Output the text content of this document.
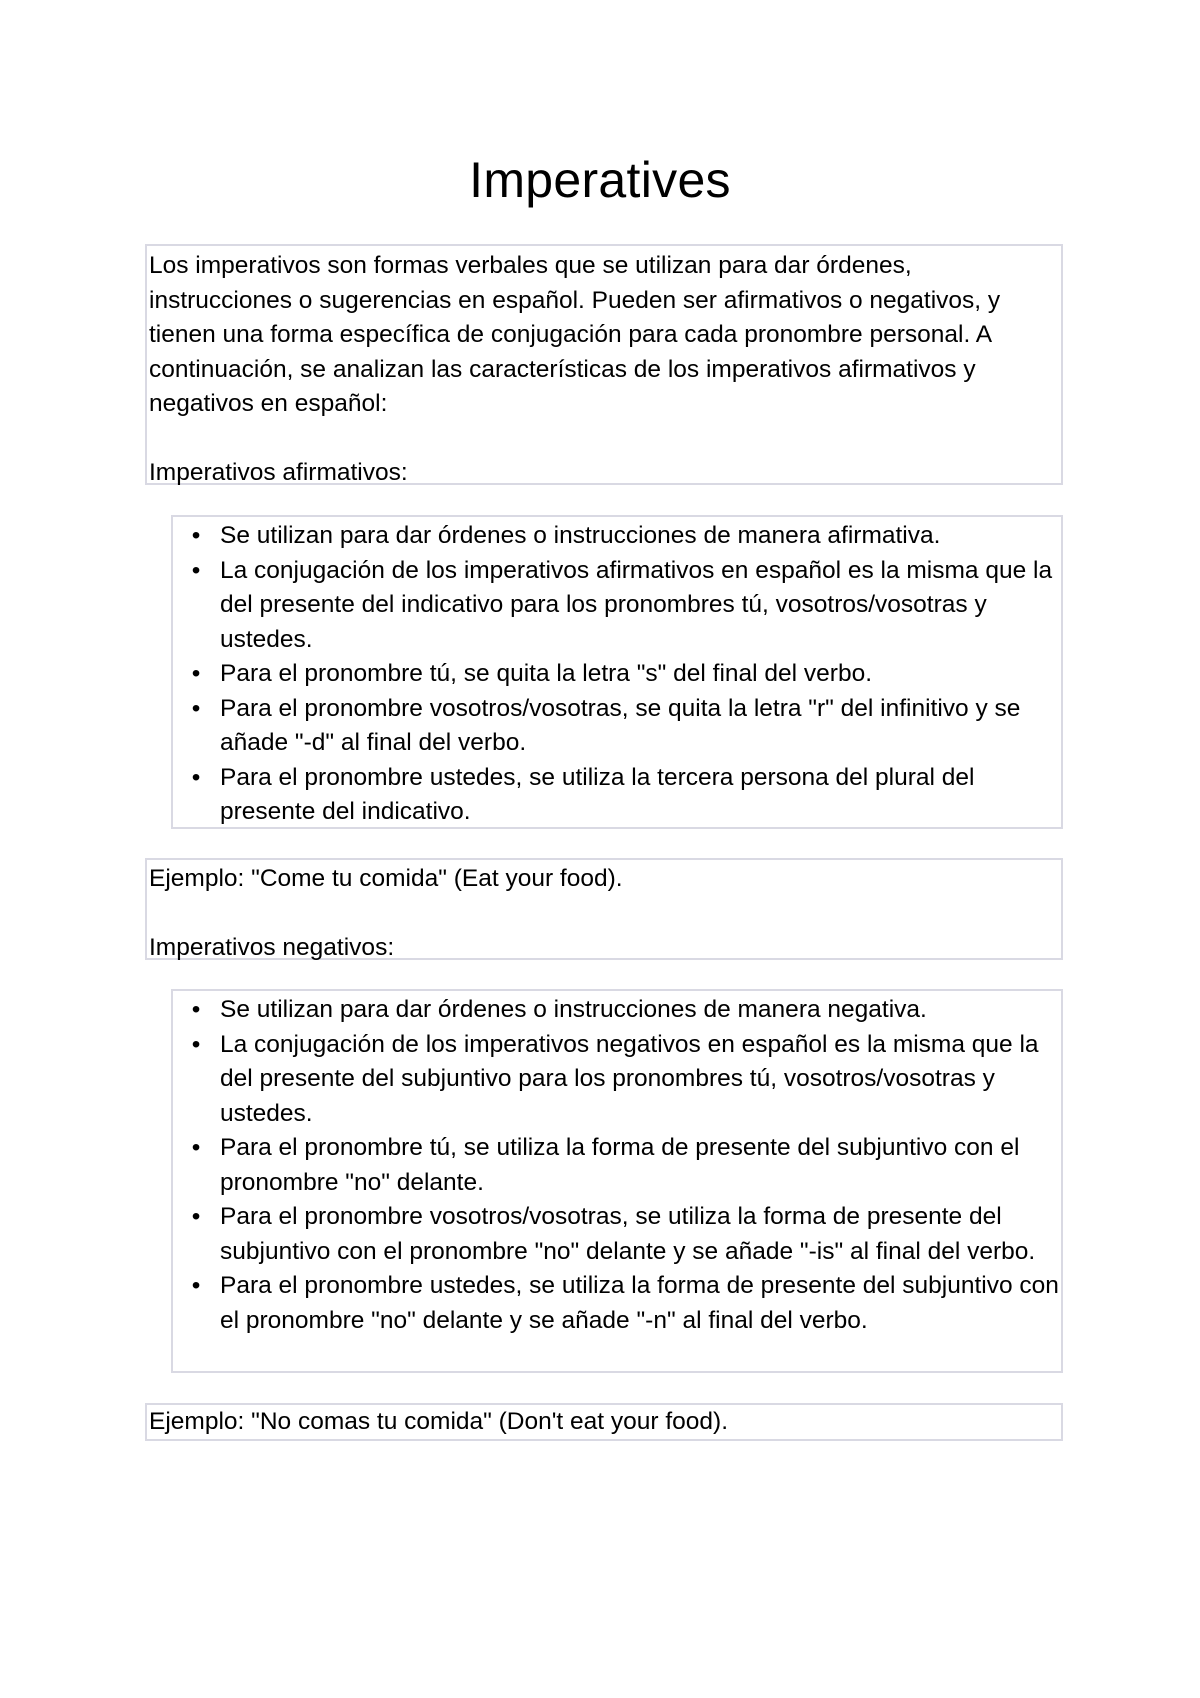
Imperatives

Los imperativos son formas verbales que se utilizan para dar órdenes, instrucciones o sugerencias en español. Pueden ser afirmativos o negativos, y tienen una forma específica de conjugación para cada pronombre personal. A continuación, se analizan las características de los imperativos afirmativos y negativos en español:

Imperativos afirmativos:

• Se utilizan para dar órdenes o instrucciones de manera afirmativa.
• La conjugación de los imperativos afirmativos en español es la misma que la del presente del indicativo para los pronombres tú, vosotros/vosotras y ustedes.
• Para el pronombre tú, se quita la letra "s" del final del verbo.
• Para el pronombre vosotros/vosotras, se quita la letra "r" del infinitivo y se añade "-d" al final del verbo.
• Para el pronombre ustedes, se utiliza la tercera persona del plural del presente del indicativo.

Ejemplo: "Come tu comida" (Eat your food).

Imperativos negativos:

• Se utilizan para dar órdenes o instrucciones de manera negativa.
• La conjugación de los imperativos negativos en español es la misma que la del presente del subjuntivo para los pronombres tú, vosotros/vosotras y ustedes.
• Para el pronombre tú, se utiliza la forma de presente del subjuntivo con el pronombre "no" delante.
• Para el pronombre vosotros/vosotras, se utiliza la forma de presente del subjuntivo con el pronombre "no" delante y se añade "-is" al final del verbo.
• Para el pronombre ustedes, se utiliza la forma de presente del subjuntivo con el pronombre "no" delante y se añade "-n" al final del verbo.

Ejemplo: "No comas tu comida" (Don't eat your food).
